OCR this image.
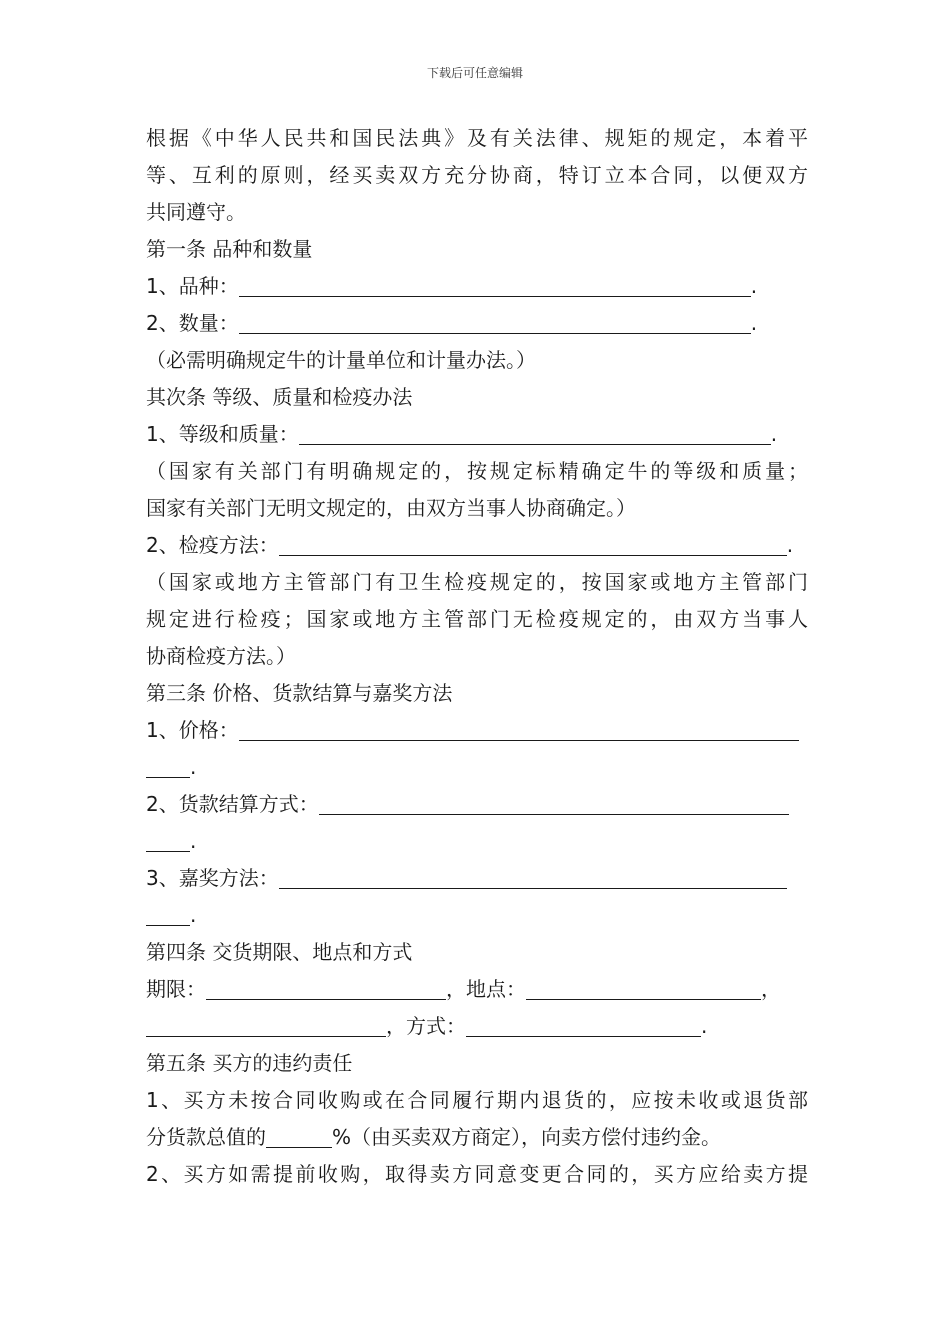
下载后可任意编辑
根据《中华人民共和国民法典》及有关法律、规矩的规定，本着平
等、互利的原则，经买卖双方充分协商，特订立本合同，以便双方
共同遵守。
第一条 品种和数量
1、品种：	.
2、数量：	.
（必需明确规定牛的计量单位和计量办法。）
其次条 等级、质量和检疫办法
1、等级和质量：	.
（国家有关部门有明确规定的，按规定标精确定牛的等级和质量；
国家有关部门无明文规定的，由双方当事人协商确定。）
2、检疫方法：	.
（国家或地方主管部门有卫生检疫规定的，按国家或地方主管部门
规定进行检疫；国家或地方主管部门无检疫规定的，由双方当事人
协商检疫方法。）
第三条 价格、货款结算与嘉奖方法
1、价格：
.
2、货款结算方式：
.
3、嘉奖方法：
.
第四条 交货期限、地点和方式
期限：	，地点：	，
，方式：	.
第五条 买方的违约责任
1、买方未按合同收购或在合同履行期内退货的，应按未收或退货部
分货款总值的	%（由买卖双方商定），向卖方偿付违约金。
2、买方如需提前收购，取得卖方同意变更合同的，买方应给卖方提
